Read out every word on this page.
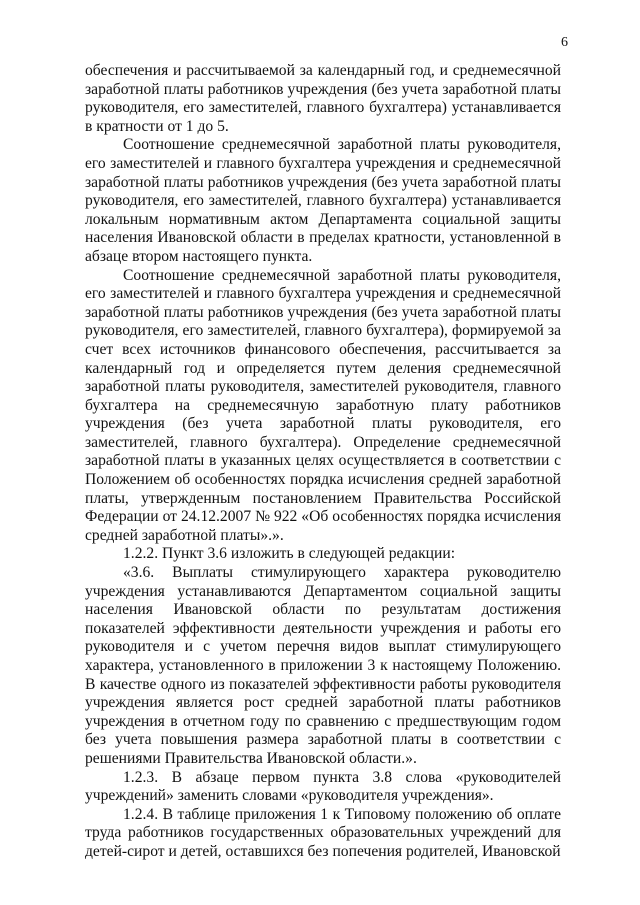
6

обеспечения и рассчитываемой за календарный год, и среднемесячной заработной платы работников учреждения (без учета заработной платы руководителя, его заместителей, главного бухгалтера) устанавливается в кратности от 1 до 5.

Соотношение среднемесячной заработной платы руководителя, его заместителей и главного бухгалтера учреждения и среднемесячной заработной платы работников учреждения (без учета заработной платы руководителя, его заместителей, главного бухгалтера) устанавливается локальным нормативным актом Департамента социальной защиты населения Ивановской области в пределах кратности, установленной в абзаце втором настоящего пункта.

Соотношение среднемесячной заработной платы руководителя, его заместителей и главного бухгалтера учреждения и среднемесячной заработной платы работников учреждения (без учета заработной платы руководителя, его заместителей, главного бухгалтера), формируемой за счет всех источников финансового обеспечения, рассчитывается за календарный год и определяется путем деления среднемесячной заработной платы руководителя, заместителей руководителя, главного бухгалтера на среднемесячную заработную плату работников учреждения (без учета заработной платы руководителя, его заместителей, главного бухгалтера). Определение среднемесячной заработной платы в указанных целях осуществляется в соответствии с Положением об особенностях порядка исчисления средней заработной платы, утвержденным постановлением Правительства Российской Федерации от 24.12.2007 № 922 «Об особенностях порядка исчисления средней заработной платы».».

1.2.2. Пункт 3.6 изложить в следующей редакции:

«3.6. Выплаты стимулирующего характера руководителю учреждения устанавливаются Департаментом социальной защиты населения Ивановской области по результатам достижения показателей эффективности деятельности учреждения и работы его руководителя и с учетом перечня видов выплат стимулирующего характера, установленного в приложении 3 к настоящему Положению. В качестве одного из показателей эффективности работы руководителя учреждения является рост средней заработной платы работников учреждения в отчетном году по сравнению с предшествующим годом без учета повышения размера заработной платы в соответствии с решениями Правительства Ивановской области.».

1.2.3. В абзаце первом пункта 3.8 слова «руководителей учреждений» заменить словами «руководителя учреждения».

1.2.4. В таблице приложения 1 к Типовому положению об оплате труда работников государственных образовательных учреждений для детей-сирот и детей, оставшихся без попечения родителей, Ивановской
